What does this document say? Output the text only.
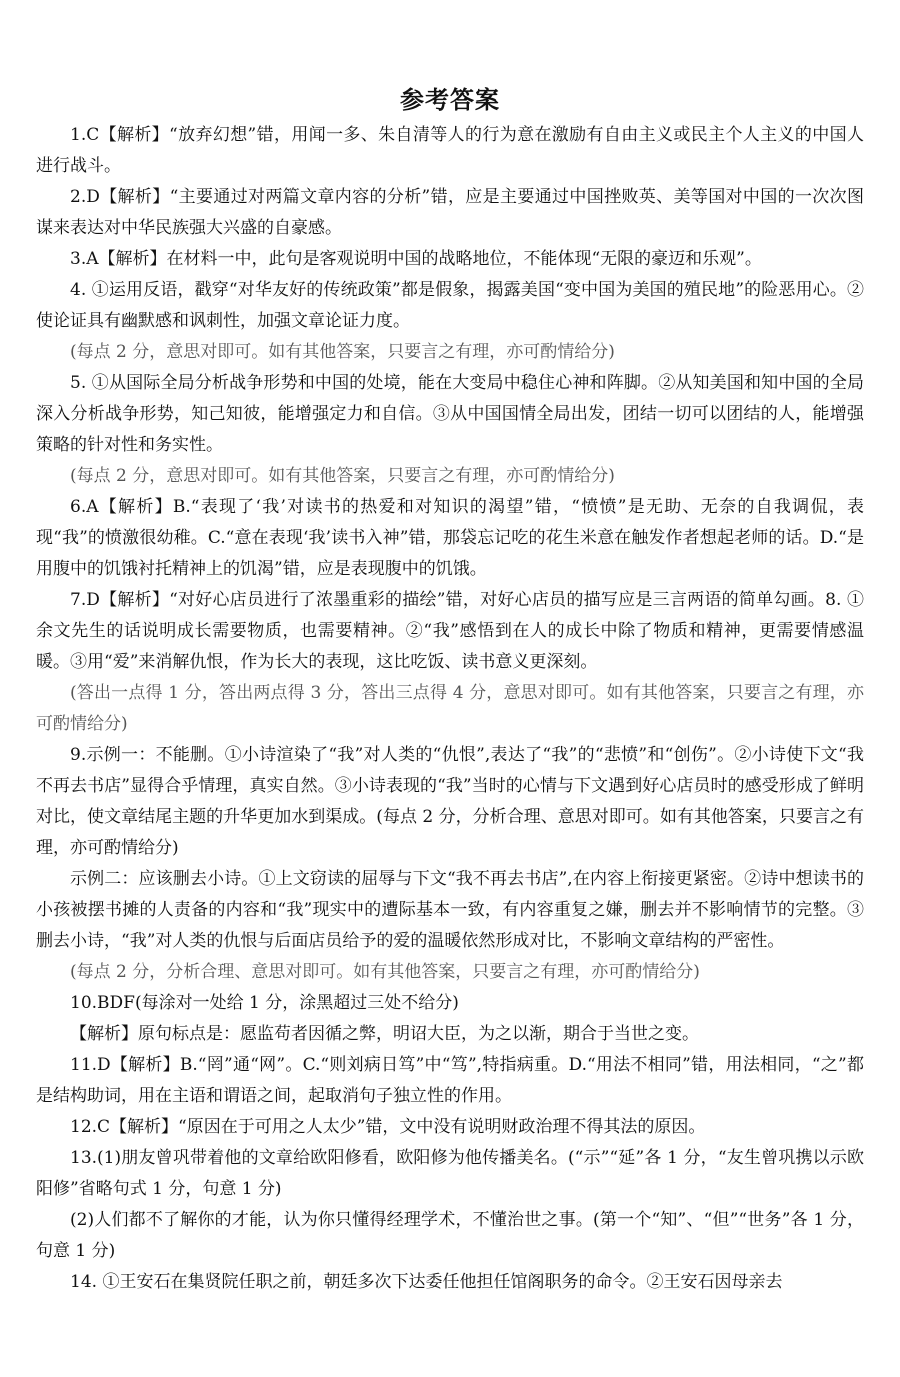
参考答案

1.C【解析】“放弃幻想”错，用闻一多、朱自清等人的行为意在激励有自由主义或民主个人主义的中国人进行战斗。

2.D【解析】“主要通过对两篇文章内容的分析”错，应是主要通过中国挫败英、美等国对中国的一次次图谋来表达对中华民族强大兴盛的自豪感。

3.A【解析】在材料一中，此句是客观说明中国的战略地位，不能体现“无限的豪迈和乐观”。

4. ①运用反语，戳穿“对华友好的传统政策”都是假象，揭露美国“变中国为美国的殖民地”的险恶用心。②使论证具有幽默感和讽刺性，加强文章论证力度。

(每点 2 分，意思对即可。如有其他答案，只要言之有理，亦可酌情给分)

5. ①从国际全局分析战争形势和中国的处境，能在大变局中稳住心神和阵脚。②从知美国和知中国的全局深入分析战争形势，知己知彼，能增强定力和自信。③从中国国情全局出发，团结一切可以团结的人，能增强策略的针对性和务实性。

(每点 2 分，意思对即可。如有其他答案，只要言之有理，亦可酌情给分)

6.A【解析】B.“表现了‘我’对读书的热爱和对知识的渴望”错，“愤愤”是无助、无奈的自我调侃，表现“我”的愤激很幼稚。C.“意在表现‘我’读书入神”错，那袋忘记吃的花生米意在触发作者想起老师的话。D.“是用腹中的饥饿衬托精神上的饥渴”错，应是表现腹中的饥饿。

7.D【解析】“对好心店员进行了浓墨重彩的描绘”错，对好心店员的描写应是三言两语的简单勾画。8. ①余文先生的话说明成长需要物质，也需要精神。②“我”感悟到在人的成长中除了物质和精神，更需要情感温暖。③用“爱”来消解仇恨，作为长大的表现，这比吃饭、读书意义更深刻。

(答出一点得 1 分，答出两点得 3 分，答出三点得 4 分，意思对即可。如有其他答案，只要言之有理，亦可酌情给分)

9.示例一：不能删。①小诗渲染了“我”对人类的“仇恨”,表达了“我”的“悲愤”和“创伤”。②小诗使下文“我不再去书店”显得合乎情理，真实自然。③小诗表现的“我”当时的心情与下文遇到好心店员时的感受形成了鲜明对比，使文章结尾主题的升华更加水到渠成。(每点 2 分，分析合理、意思对即可。如有其他答案，只要言之有理，亦可酌情给分)

示例二：应该删去小诗。①上文窃读的屈辱与下文“我不再去书店”,在内容上衔接更紧密。②诗中想读书的小孩被摆书摊的人责备的内容和“我”现实中的遭际基本一致，有内容重复之嫌，删去并不影响情节的完整。③删去小诗，“我”对人类的仇恨与后面店员给予的爱的温暖依然形成对比，不影响文章结构的严密性。

(每点 2 分，分析合理、意思对即可。如有其他答案，只要言之有理，亦可酌情给分)

10.BDF(每涂对一处给 1 分，涂黑超过三处不给分)

【解析】原句标点是：愿监苟者因循之弊，明诏大臣，为之以渐，期合于当世之变。

11.D【解析】B.“罔”通“网”。C.“则刘病日笃”中“笃”,特指病重。D.“用法不相同”错，用法相同，“之”都是结构助词，用在主语和谓语之间，起取消句子独立性的作用。

12.C【解析】“原因在于可用之人太少”错，文中没有说明财政治理不得其法的原因。

13.(1)朋友曾巩带着他的文章给欧阳修看，欧阳修为他传播美名。(“示”“延”各 1 分，“友生曾巩携以示欧阳修”省略句式 1 分，句意 1 分)

(2)人们都不了解你的才能，认为你只懂得经理学术，不懂治世之事。(第一个“知”、“但”“世务”各 1 分，句意 1 分)

14. ①王安石在集贤院任职之前，朝廷多次下达委任他担任馆阁职务的命令。②王安石因母亲去
